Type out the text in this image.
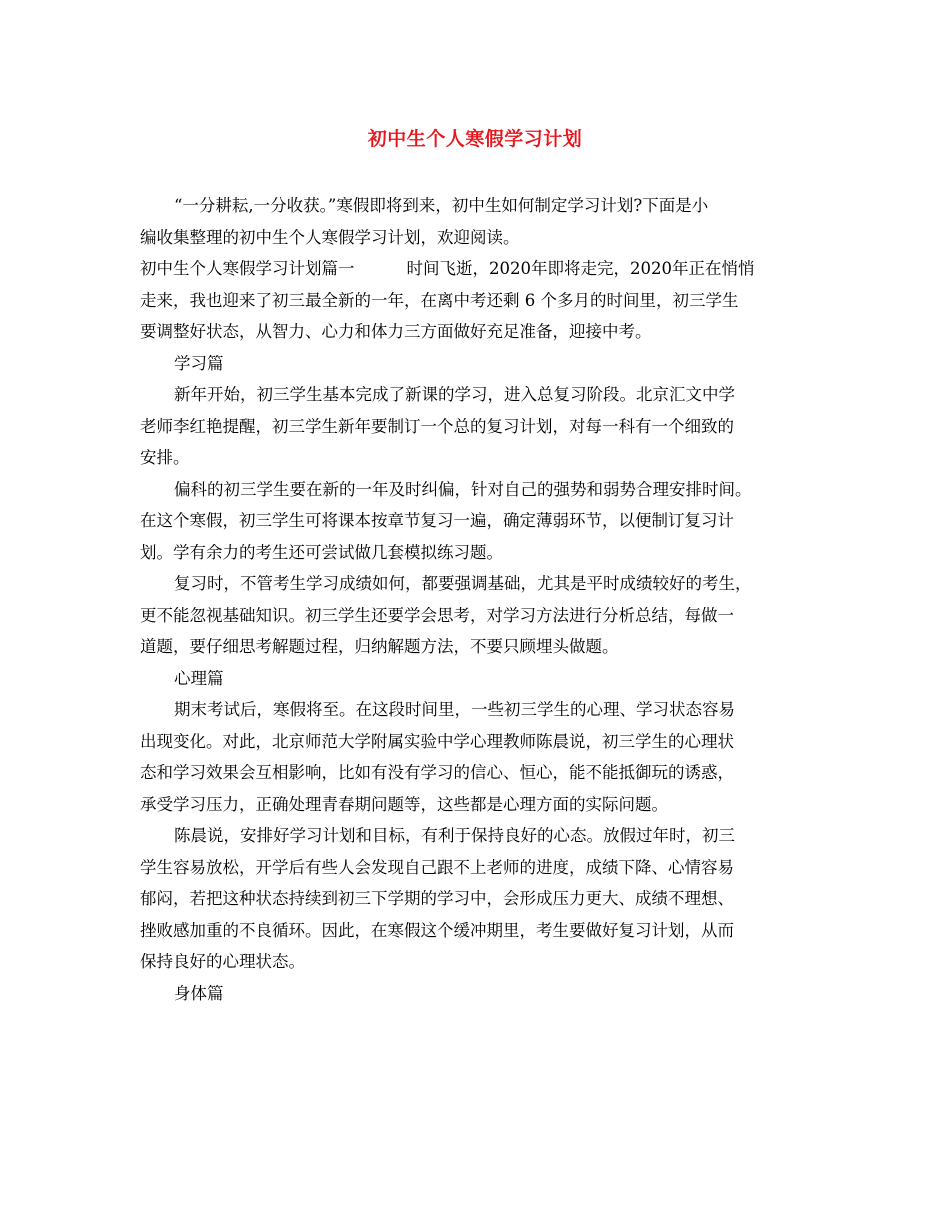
初中生个人寒假学习计划
“一分耕耘,一分收获。”寒假即将到来，初中生如何制定学习计划?下面是小
编收集整理的初中生个人寒假学习计划，欢迎阅读。
初中生个人寒假学习计划篇一	时间飞逝，2020年即将走完，2020年正在悄悄
走来，我也迎来了初三最全新的一年，在离中考还剩 6 个多月的时间里，初三学生
要调整好状态，从智力、心力和体力三方面做好充足准备，迎接中考。
学习篇
新年开始，初三学生基本完成了新课的学习，进入总复习阶段。北京汇文中学
老师李红艳提醒，初三学生新年要制订一个总的复习计划，对每一科有一个细致的
安排。
偏科的初三学生要在新的一年及时纠偏，针对自己的强势和弱势合理安排时间。
在这个寒假，初三学生可将课本按章节复习一遍，确定薄弱环节，以便制订复习计
划。学有余力的考生还可尝试做几套模拟练习题。
复习时，不管考生学习成绩如何，都要强调基础，尤其是平时成绩较好的考生，
更不能忽视基础知识。初三学生还要学会思考，对学习方法进行分析总结，每做一
道题，要仔细思考解题过程，归纳解题方法，不要只顾埋头做题。
心理篇
期末考试后，寒假将至。在这段时间里，一些初三学生的心理、学习状态容易
出现变化。对此，北京师范大学附属实验中学心理教师陈晨说，初三学生的心理状
态和学习效果会互相影响，比如有没有学习的信心、恒心，能不能抵御玩的诱惑，
承受学习压力，正确处理青春期问题等，这些都是心理方面的实际问题。
陈晨说，安排好学习计划和目标，有利于保持良好的心态。放假过年时，初三
学生容易放松，开学后有些人会发现自己跟不上老师的进度，成绩下降、心情容易
郁闷，若把这种状态持续到初三下学期的学习中，会形成压力更大、成绩不理想、
挫败感加重的不良循环。因此，在寒假这个缓冲期里，考生要做好复习计划，从而
保持良好的心理状态。
身体篇
